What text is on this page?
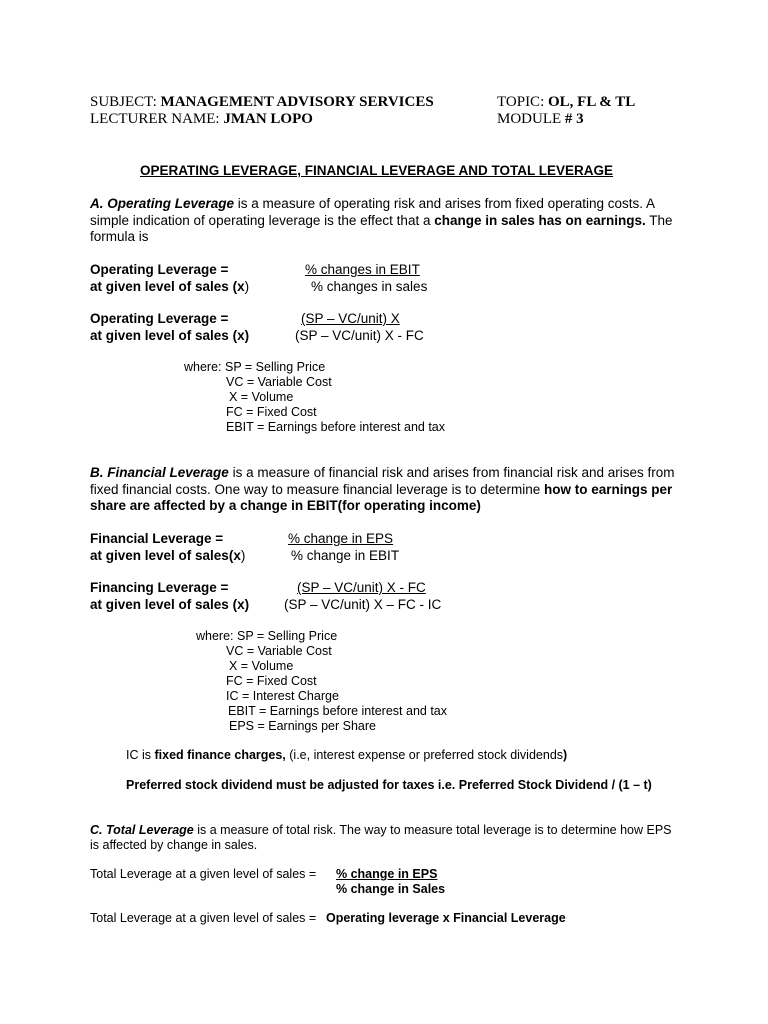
SUBJECT: MANAGEMENT ADVISORY SERVICES
LECTURER NAME: JMAN LOPO
TOPIC: OL, FL & TL
MODULE # 3
OPERATING LEVERAGE, FINANCIAL LEVERAGE AND TOTAL LEVERAGE
A. Operating Leverage is a measure of operating risk and arises from fixed operating costs. A simple indication of operating leverage is the effect that a change in sales has on earnings. The formula is
Operating Leverage =
at given level of sales (x)
% changes in EBIT
% changes in sales
Operating Leverage =
at given level of sales (x)
(SP – VC/unit) X
(SP – VC/unit) X - FC
where: SP = Selling Price
VC = Variable Cost
X = Volume
FC = Fixed Cost
EBIT = Earnings before interest and tax
B. Financial Leverage is a measure of financial risk and arises from financial risk and arises from fixed financial costs. One way to measure financial leverage is to determine how to earnings per share are affected by a change in EBIT(for operating income)
Financial Leverage =
at given level of sales(x)
% change in EPS
% change in EBIT
Financing Leverage =
at given level of sales (x)
(SP – VC/unit) X - FC
(SP – VC/unit) X – FC - IC
where: SP = Selling Price
VC = Variable Cost
X = Volume
FC = Fixed Cost
IC = Interest Charge
EBIT = Earnings before interest and tax
EPS = Earnings per Share
IC is fixed finance charges, (i.e, interest expense or preferred stock dividends)
Preferred stock dividend must be adjusted for taxes i.e. Preferred Stock Dividend / (1 – t)
C. Total Leverage is a measure of total risk. The way to measure total leverage is to determine how EPS is affected by change in sales.
Total Leverage at a given level of sales = % change in EPS
% change in Sales
Total Leverage at a given level of sales = Operating leverage x Financial Leverage
